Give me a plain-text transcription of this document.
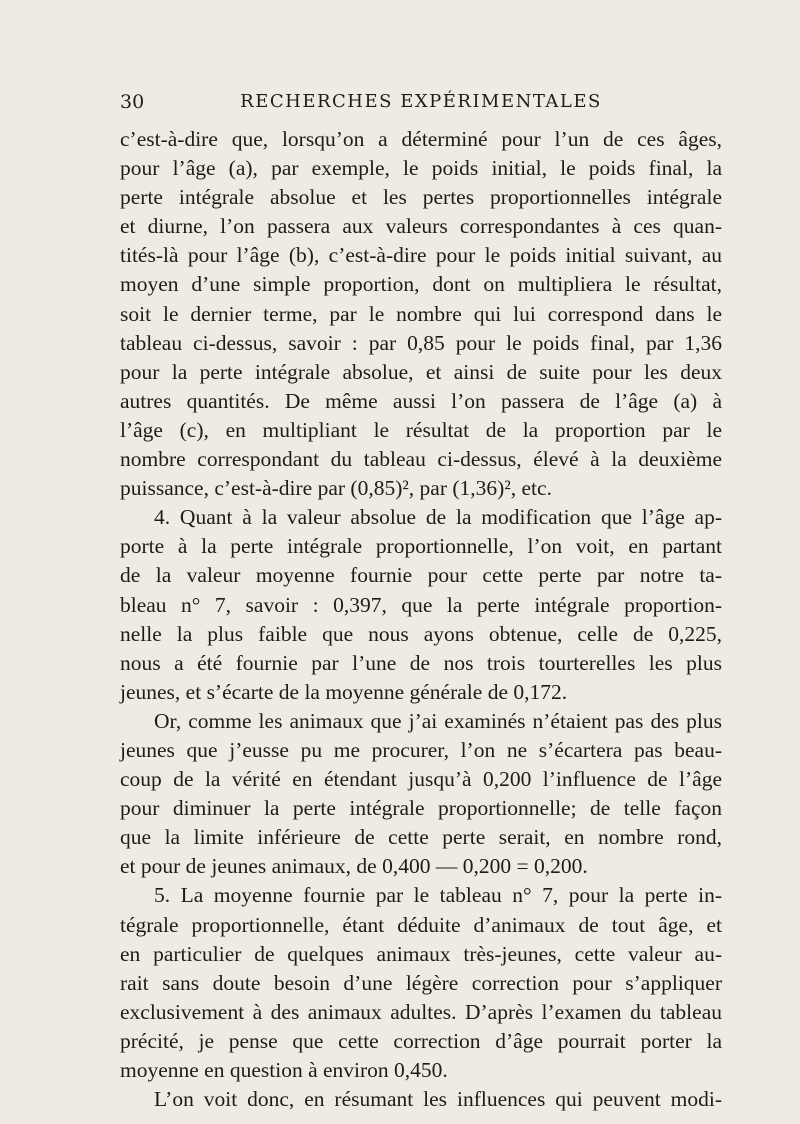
30	RECHERCHES EXPÉRIMENTALES
c’est-à-dire que, lorsqu’on a déterminé pour l’un de ces âges,
pour l’âge (a), par exemple, le poids initial, le poids final, la
perte intégrale absolue et les pertes proportionnelles intégrale
et diurne, l’on passera aux valeurs correspondantes à ces quan-
tités-là pour l’âge (b), c’est-à-dire pour le poids initial suivant, au
moyen d’une simple proportion, dont on multipliera le résultat,
soit le dernier terme, par le nombre qui lui correspond dans le
tableau ci-dessus, savoir : par 0,85 pour le poids final, par 1,36
pour la perte intégrale absolue, et ainsi de suite pour les deux
autres quantités. De même aussi l’on passera de l’âge (a) à
l’âge (c), en multipliant le résultat de la proportion par le
nombre correspondant du tableau ci-dessus, élevé à la deuxième
puissance, c’est-à-dire par (0,85)², par (1,36)², etc.
4. Quant à la valeur absolue de la modification que l’âge ap-
porte à la perte intégrale proportionnelle, l’on voit, en partant
de la valeur moyenne fournie pour cette perte par notre ta-
bleau n° 7, savoir : 0,397, que la perte intégrale proportion-
nelle la plus faible que nous ayons obtenue, celle de 0,225,
nous a été fournie par l’une de nos trois tourterelles les plus
jeunes, et s’écarte de la moyenne générale de 0,172.
Or, comme les animaux que j’ai examinés n’étaient pas des plus
jeunes que j’eusse pu me procurer, l’on ne s’écartera pas beau-
coup de la vérité en étendant jusqu’à 0,200 l’influence de l’âge
pour diminuer la perte intégrale proportionnelle; de telle façon
que la limite inférieure de cette perte serait, en nombre rond,
et pour de jeunes animaux, de 0,400 — 0,200 = 0,200.
5. La moyenne fournie par le tableau n° 7, pour la perte in-
tégrale proportionnelle, étant déduite d’animaux de tout âge, et
en particulier de quelques animaux très-jeunes, cette valeur au-
rait sans doute besoin d’une légère correction pour s’appliquer
exclusivement à des animaux adultes. D’après l’examen du tableau
précité, je pense que cette correction d’âge pourrait porter la
moyenne en question à environ 0,450.
L’on voit donc, en résumant les influences qui peuvent modi-
